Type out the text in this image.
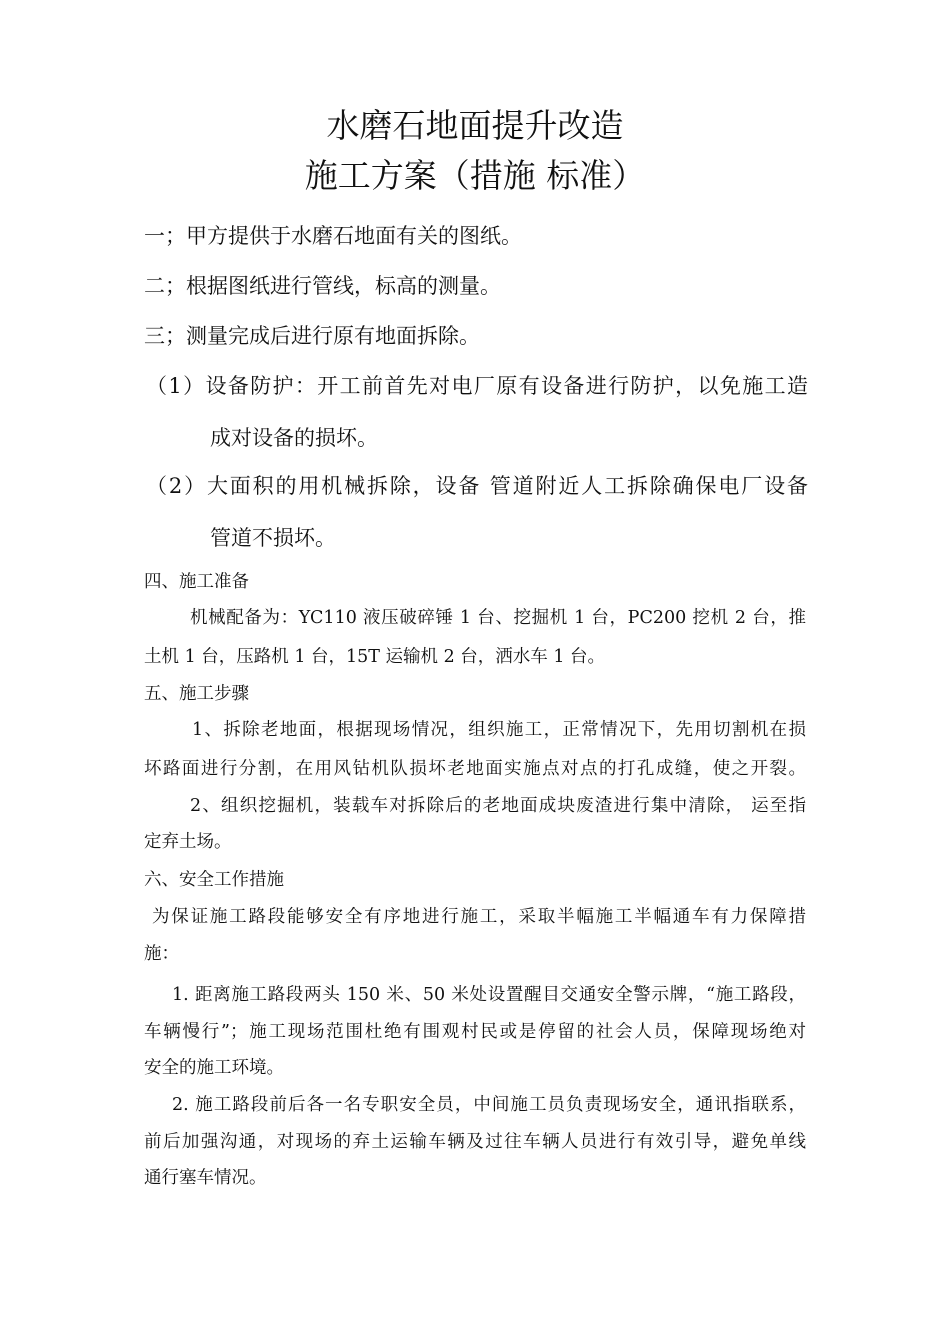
水磨石地面提升改造
施工方案（措施 标准）
一；甲方提供于水磨石地面有关的图纸。
二；根据图纸进行管线，标高的测量。
三；测量完成后进行原有地面拆除。
（1）设备防护：开工前首先对电厂原有设备进行防护，以免施工造
成对设备的损坏。
（2）大面积的用机械拆除，设备 管道附近人工拆除确保电厂设备
管道不损坏。
四、施工准备
机械配备为：YC110 液压破碎锤 1 台、挖掘机 1 台，PC200 挖机 2 台，推
土机 1 台，压路机 1 台，15T 运输机 2 台，洒水车 1 台。
五、施工步骤
1、拆除老地面，根据现场情况，组织施工，正常情况下，先用切割机在损
坏路面进行分割，在用风钻机队损坏老地面实施点对点的打孔成缝，使之开裂。
2、组织挖掘机，装载车对拆除后的老地面成块废渣进行集中清除， 运至指
定弃土场。
六、安全工作措施
为保证施工路段能够安全有序地进行施工，采取半幅施工半幅通车有力保障措
施：
1. 距离施工路段两头 150 米、50 米处设置醒目交通安全警示牌，“施工路段，
车辆慢行”；施工现场范围杜绝有围观村民或是停留的社会人员，保障现场绝对
安全的施工环境。
2. 施工路段前后各一名专职安全员，中间施工员负责现场安全，通讯指联系，
前后加强沟通，对现场的弃土运输车辆及过往车辆人员进行有效引导，避免单线
通行塞车情况。
